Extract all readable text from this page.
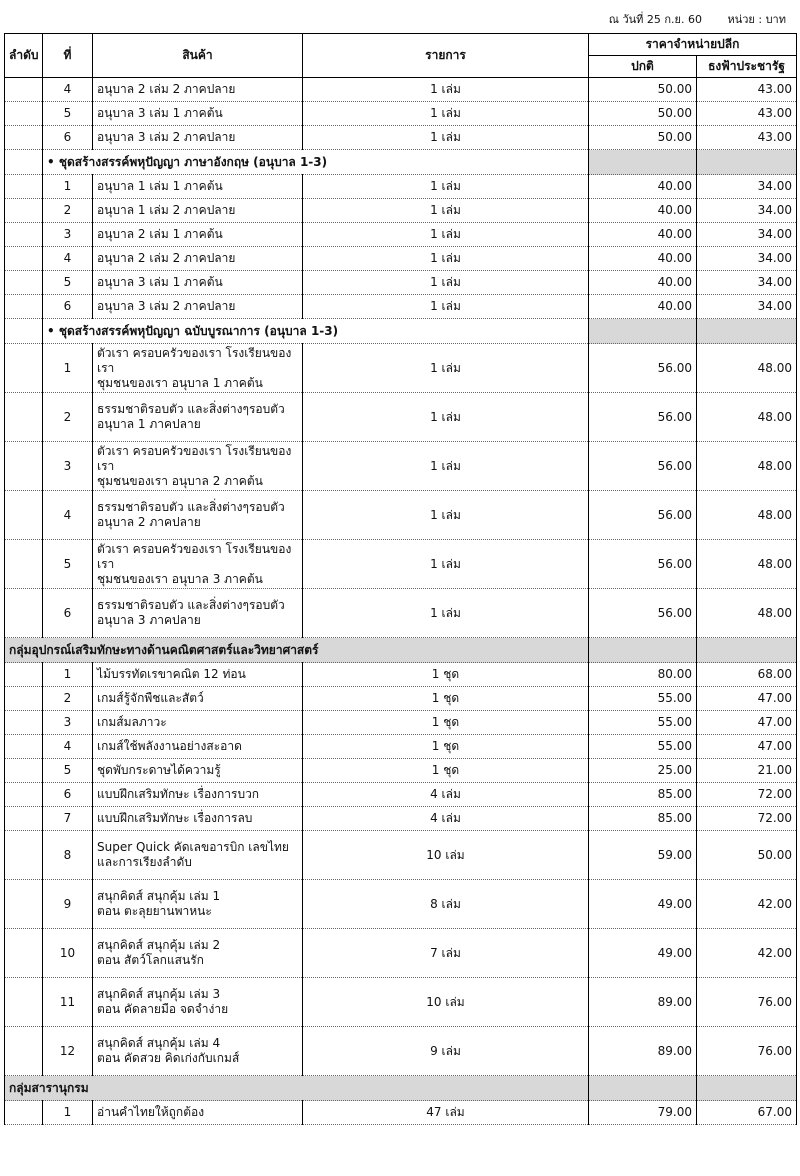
ณ วันที่ 25 ก.ย. 60 หน่วย : บาท
ลำดับ	ที่	สินค้า	รายการ	ราคาจำหน่ายปลีก	
				ปกติ	ธงฟ้าประชารัฐ
	4	อนุบาล 2 เล่ม 2 ภาคปลาย	1 เล่ม	50.00	43.00
	5	อนุบาล 3 เล่ม 1 ภาคต้น	1 เล่ม	50.00	43.00
	6	อนุบาล 3 เล่ม 2 ภาคปลาย	1 เล่ม	50.00	43.00
	• ชุดสร้างสรรค์พหุปัญญา ภาษาอังกฤษ (อนุบาล 1-3)				
	1	อนุบาล 1 เล่ม 1 ภาคต้น	1 เล่ม	40.00	34.00
	2	อนุบาล 1 เล่ม 2 ภาคปลาย	1 เล่ม	40.00	34.00
	3	อนุบาล 2 เล่ม 1 ภาคต้น	1 เล่ม	40.00	34.00
	4	อนุบาล 2 เล่ม 2 ภาคปลาย	1 เล่ม	40.00	34.00
	5	อนุบาล 3 เล่ม 1 ภาคต้น	1 เล่ม	40.00	34.00
	6	อนุบาล 3 เล่ม 2 ภาคปลาย	1 เล่ม	40.00	34.00
	• ชุดสร้างสรรค์พหุปัญญา ฉบับบูรณาการ (อนุบาล 1-3)				
	1	ตัวเรา ครอบครัวของเรา โรงเรียนของเรา
ชุมชนของเรา อนุบาล 1 ภาคต้น	1 เล่ม	56.00	48.00
	2	ธรรมชาติรอบตัว และสิ่งต่างๆรอบตัว
อนุบาล 1 ภาคปลาย	1 เล่ม	56.00	48.00
	3	ตัวเรา ครอบครัวของเรา โรงเรียนของเรา
ชุมชนของเรา อนุบาล 2 ภาคต้น	1 เล่ม	56.00	48.00
	4	ธรรมชาติรอบตัว และสิ่งต่างๆรอบตัว
อนุบาล 2 ภาคปลาย	1 เล่ม	56.00	48.00
	5	ตัวเรา ครอบครัวของเรา โรงเรียนของเรา
ชุมชนของเรา อนุบาล 3 ภาคต้น	1 เล่ม	56.00	48.00
	6	ธรรมชาติรอบตัว และสิ่งต่างๆรอบตัว
อนุบาล 3 ภาคปลาย	1 เล่ม	56.00	48.00
กลุ่มอุปกรณ์เสริมทักษะทางด้านคณิตศาสตร์และวิทยาศาสตร์					
	1	ไม้บรรทัดเรขาคณิต 12 ท่อน	1 ชุด	80.00	68.00
	2	เกมส์รู้จักพืชและสัตว์	1 ชุด	55.00	47.00
	3	เกมส์มลภาวะ	1 ชุด	55.00	47.00
	4	เกมส์ใช้พลังงานอย่างสะอาด	1 ชุด	55.00	47.00
	5	ชุดพับกระดาษได้ความรู้	1 ชุด	25.00	21.00
	6	แบบฝึกเสริมทักษะ เรื่องการบวก	4 เล่ม	85.00	72.00
	7	แบบฝึกเสริมทักษะ เรื่องการลบ	4 เล่ม	85.00	72.00
	8	Super Quick คัดเลขอารบิก เลขไทย
และการเรียงลำดับ	10 เล่ม	59.00	50.00
	9	สนุกคิดส์ สนุกคุ้ม เล่ม 1
ตอน ตะลุยยานพาหนะ	8 เล่ม	49.00	42.00
	10	สนุกคิดส์ สนุกคุ้ม เล่ม 2
ตอน สัตว์โลกแสนรัก	7 เล่ม	49.00	42.00
	11	สนุกคิดส์ สนุกคุ้ม เล่ม 3
ตอน คัดลายมือ จดจำง่าย	10 เล่ม	89.00	76.00
	12	สนุกคิดส์ สนุกคุ้ม เล่ม 4
ตอน คัดสวย คิดเก่งกับเกมส์	9 เล่ม	89.00	76.00
กลุ่มสารานุกรม					
	1	อ่านคำไทยให้ถูกต้อง	47 เล่ม	79.00	67.00
